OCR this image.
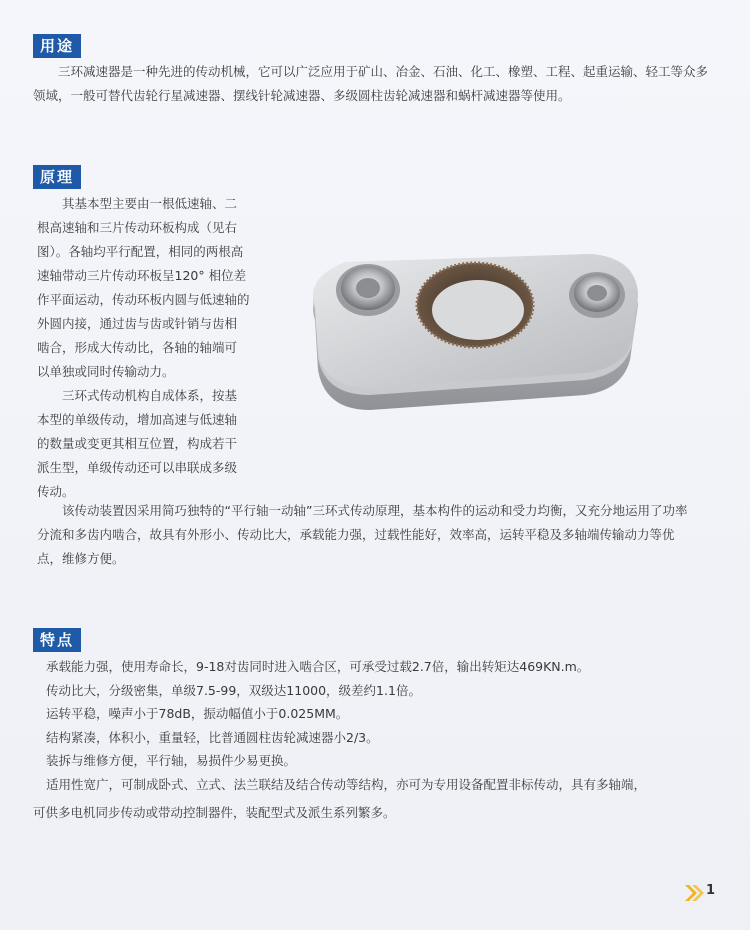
用途

三环减速器是一种先进的传动机械，它可以广泛应用于矿山、冶金、石油、化工、橡塑、工程、起重运输、轻工等众多领域，一般可替代齿轮行星减速器、摆线针轮减速器、多级圆柱齿轮减速器和蜗杆减速器等使用。

原理
其基本型主要由一根低速轴、二
根高速轴和三片传动环板构成（见右
图）。各轴均平行配置，相同的两根高
速轴带动三片传动环板呈120° 相位差
作平面运动，传动环板内圆与低速轴的
外圆内接，通过齿与齿或针销与齿相
啮合，形成大传动比，各轴的轴端可
以单独或同时传输动力。
三环式传动机构自成体系，按基
本型的单级传动，增加高速与低速轴
的数量或变更其相互位置，构成若干
派生型，单级传动还可以串联成多级
传动。

该传动装置因采用简巧独特的“平行轴一动轴”三环式传动原理，基本构件的运动和受力均衡，又充分地运用了功率分流和多齿内啮合，故具有外形小、传动比大，承载能力强，过载性能好，效率高，运转平稳及多轴端传输动力等优点，维修方便。

特点
承载能力强，使用寿命长，9-18对齿同时进入啮合区，可承受过载2.7倍，输出转矩达469KN.m。
传动比大，分级密集，单级7.5-99，双级达11000，级差约1.1倍。
运转平稳，噪声小于78dB，振动幅值小于0.025MM。
结构紧凑，体积小，重量轻，比普通圆柱齿轮减速器小2/3。
装拆与维修方便，平行轴，易损件少易更换。
适用性宽广，可制成卧式、立式、法兰联结及结合传动等结构，亦可为专用设备配置非标传动，具有多轴端，

可供多电机同步传动或带动控制器件，装配型式及派生系列繁多。

1
